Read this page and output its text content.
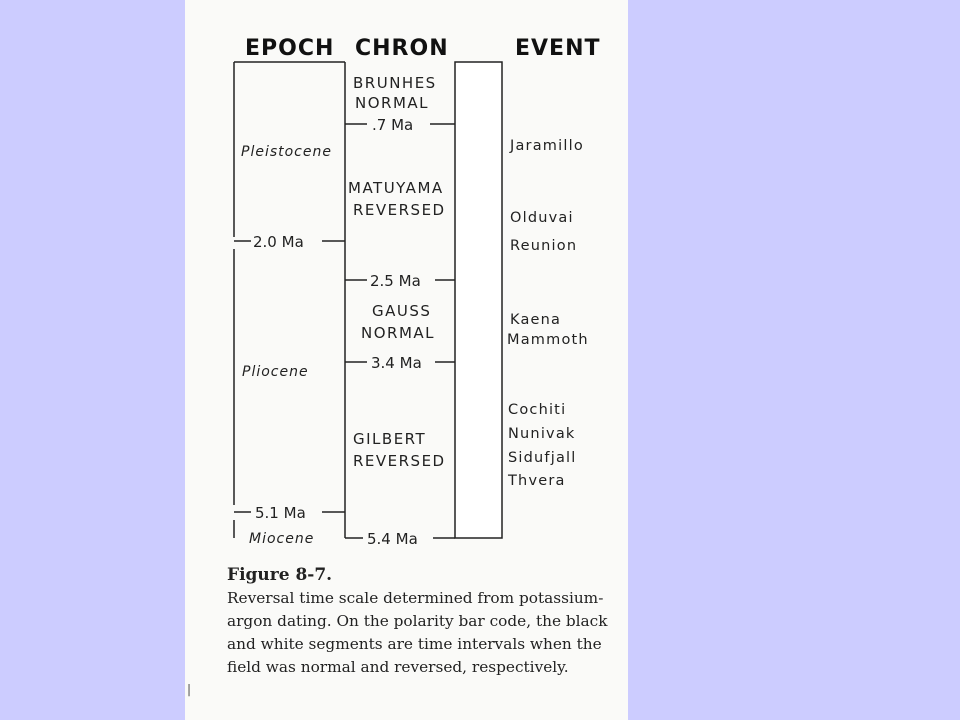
EPOCH CHRON	EVENT
Pleistocene
Pliocene
Miocene
2.0 Ma
5.1 Ma
BRUNHES
NORMAL
MATUYAMA
REVERSED
GAUSS
NORMAL
GILBERT
REVERSED
.7 Ma
2.5 Ma
3.4 Ma
5.4 Ma
Jaramillo
Olduvai
Reunion
Kaena
Mammoth
Cochiti
Nunivak
Sidufjall
Thvera
Figure 8-7.
Reversal time scale determined from potassium-argon dating. On the polarity bar code, the black and white segments are time intervals when the field was normal and reversed, respectively.
|
